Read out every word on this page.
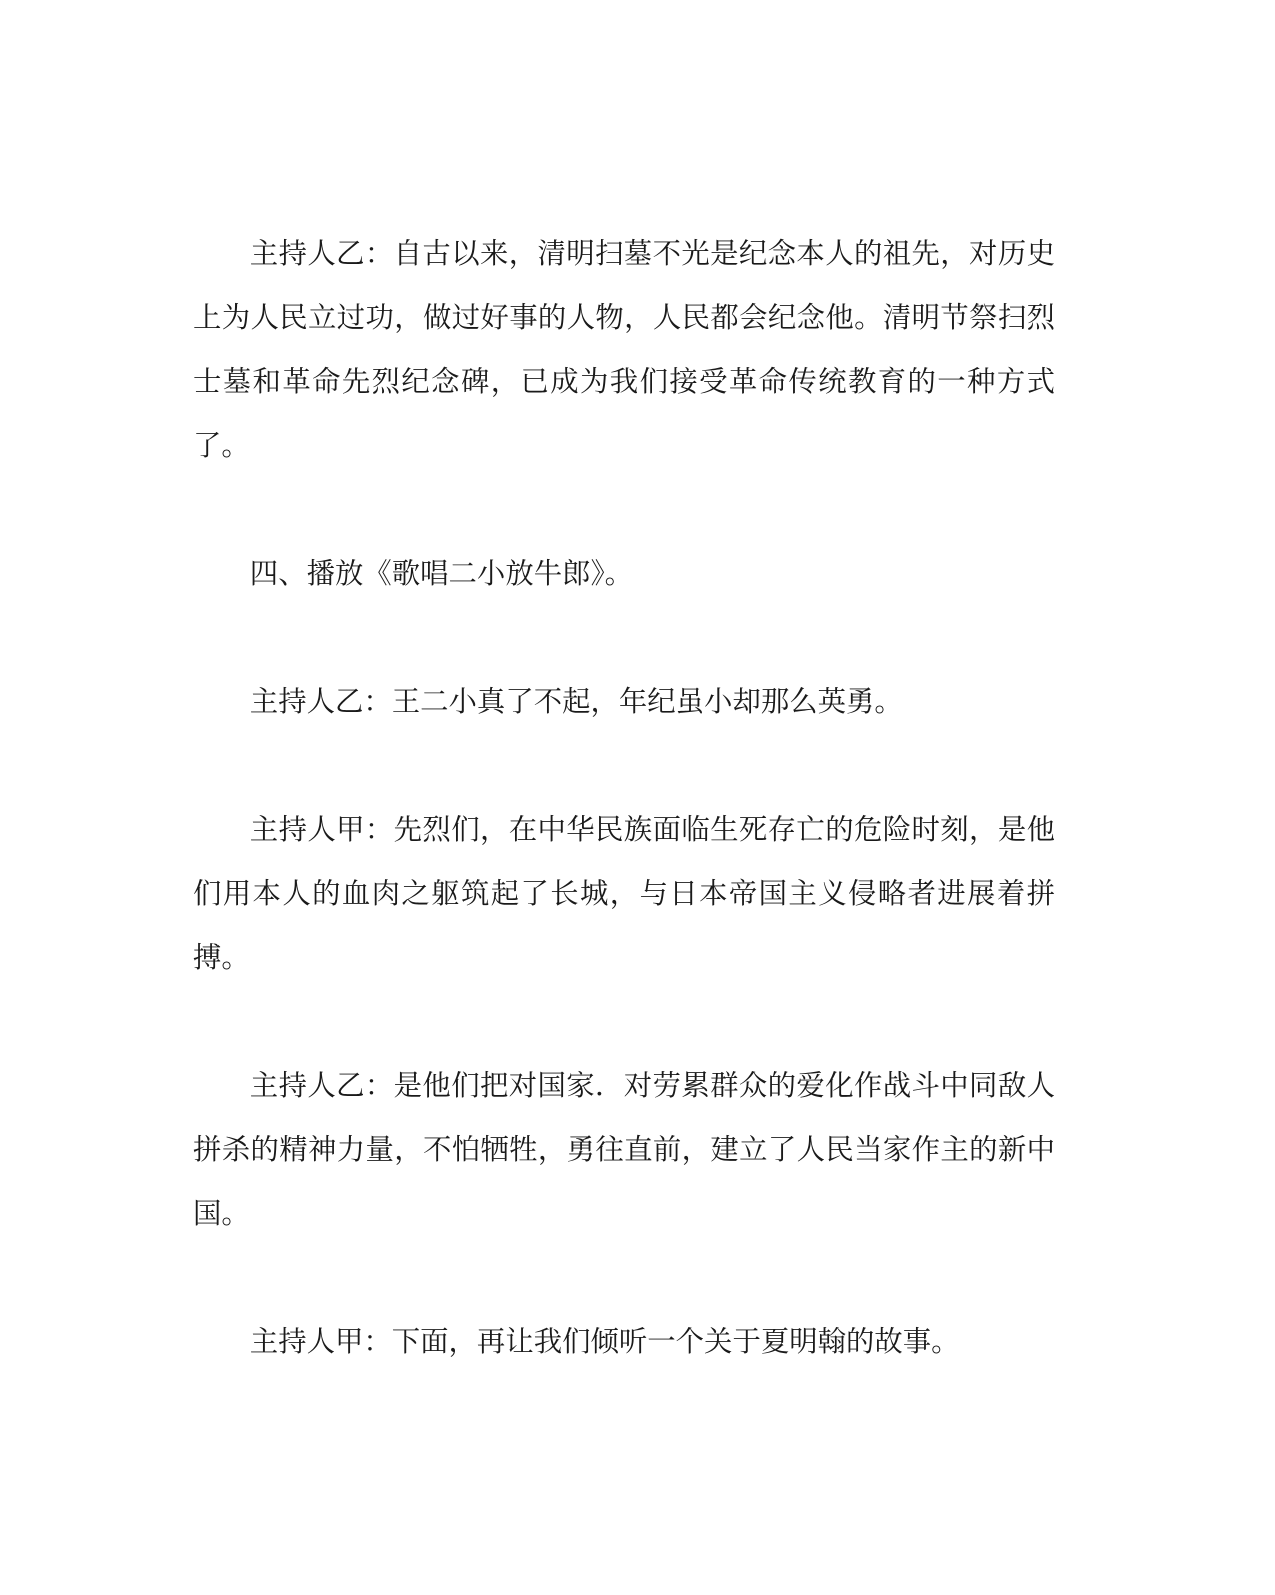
主持人乙：自古以来，清明扫墓不光是纪念本人的祖先，对历史上为人民立过功，做过好事的人物，人民都会纪念他。清明节祭扫烈士墓和革命先烈纪念碑，已成为我们接受革命传统教育的一种方式了。

四、播放《歌唱二小放牛郎》。

主持人乙：王二小真了不起，年纪虽小却那么英勇。

主持人甲：先烈们，在中华民族面临生死存亡的危险时刻，是他们用本人的血肉之躯筑起了长城，与日本帝国主义侵略者进展着拼搏。

主持人乙：是他们把对国家．对劳累群众的爱化作战斗中同敌人拼杀的精神力量，不怕牺牲，勇往直前，建立了人民当家作主的新中国。

主持人甲：下面，再让我们倾听一个关于夏明翰的故事。
